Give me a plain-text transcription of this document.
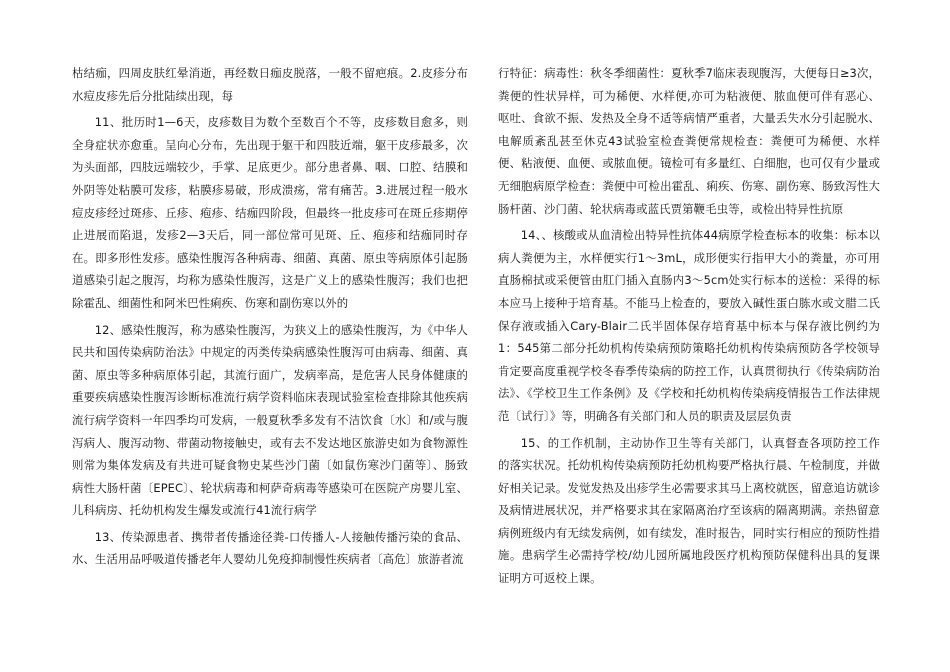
枯结痂，四周皮肤红晕消逝，再经数日痂皮脱落，一般不留疤痕。2.皮疹分布水痘皮疹先后分批陆续出现，每

11、批历时1—6天，皮疹数目为数个至数百个不等，皮疹数目愈多，则全身症状亦愈重。呈向心分布，先出现于躯干和四肢近端，躯干皮疹最多，次为头面部，四肢远端较少，手掌、足底更少。部分患者鼻、咽、口腔、结膜和外阴等处粘膜可发疹，粘膜疹易破，形成溃疡，常有痛苦。3.进展过程一般水痘皮疹经过斑疹、丘疹、疱疹、结痂四阶段，但最终一批皮疹可在斑丘疹期停止进展而陷退，发疹2—3天后，同一部位常可见斑、丘、疱疹和结痂同时存在。即多形性发疹。感染性腹泻各种病毒、细菌、真菌、原虫等病原体引起肠道感染引起之腹泻，均称为感染性腹泻，这是广义上的感染性腹泻；我们也把除霍乱、细菌性和阿米巴性痢疾、伤寒和副伤寒以外的

12、感染性腹泻，称为感染性腹泻，为狭义上的感染性腹泻，为《中华人民共和国传染病防治法》中规定的丙类传染病感染性腹泻可由病毒、细菌、真菌、原虫等多种病原体引起，其流行面广，发病率高，是危害人民身体健康的重要疾病感染性腹泻诊断标准流行病学资料临床表现试验室检查排除其他疾病流行病学资料一年四季均可发病，一般夏秋季多发有不洁饮食〔水〕和/或与腹泻病人、腹泻动物、带菌动物接触史，或有去不发达地区旅游史如为食物源性则常为集体发病及有共进可疑食物史某些沙门菌〔如鼠伤寒沙门菌等〕、肠致病性大肠杆菌〔EPEC〕、轮状病毒和柯萨奇病毒等感染可在医院产房婴儿室、儿科病房、托幼机构发生爆发或流行41流行病学

13、传染源患者、携带者传播途径粪-口传播人-人接触传播污染的食品、水、生活用品呼吸道传播老年人婴幼儿免疫抑制慢性疾病者〔高危〕旅游者流

行特征：病毒性：秋冬季细菌性：夏秋季7临床表现腹泻，大便每日≥3次，粪便的性状异样，可为稀便、水样便,亦可为粘液便、脓血便可伴有恶心、呕吐、食欲不振、发热及全身不适等病情严重者，大量丢失水分引起脱水、电解质紊乱甚至休克43试验室检查粪便常规检查：粪便可为稀便、水样便、粘液便、血便、或脓血便。镜检可有多量红、白细胞，也可仅有少量或无细胞病原学检查：粪便中可检出霍乱、痢疾、伤寒、副伤寒、肠致泻性大肠杆菌、沙门菌、轮状病毒或蓝氏贾第鞭毛虫等，或检出特异性抗原

14、、核酸或从血清检出特异性抗体44病原学检查标本的收集：标本以病人粪便为主，水样便实行1～3mL，成形便实行指甲大小的粪量，亦可用直肠棉拭或采便管由肛门插入直肠内3～5cm处实行标本的送检：采得的标本应马上接种于培育基。不能马上检查的，要放入碱性蛋白胨水或文腊二氏保存液或插入Cary-Blair二氏半固体保存培育基中标本与保存液比例约为1：545第二部分托幼机构传染病预防策略托幼机构传染病预防各学校领导肯定要高度重视学校冬春季传染病的防控工作，认真贯彻执行《传染病防治法》、《学校卫生工作条例》及《学校和托幼机构传染病疫情报告工作法律规范〔试行〕》等，明确各有关部门和人员的职责及层层负责

15、的工作机制，主动协作卫生等有关部门，认真督查各项防控工作的落实状况。托幼机构传染病预防托幼机构要严格执行晨、午检制度，并做好相关记录。发觉发热及出疹学生必需要求其马上离校就医，留意追访就诊及病情进展状况，并严格要求其在家隔离治疗至该病的隔离期满。亲热留意病例班级内有无续发病例，如有续发，准时报告，同时实行相应的预防性措施。患病学生必需持学校/幼儿园所属地段医疗机构预防保健科出具的复课证明方可返校上课。
